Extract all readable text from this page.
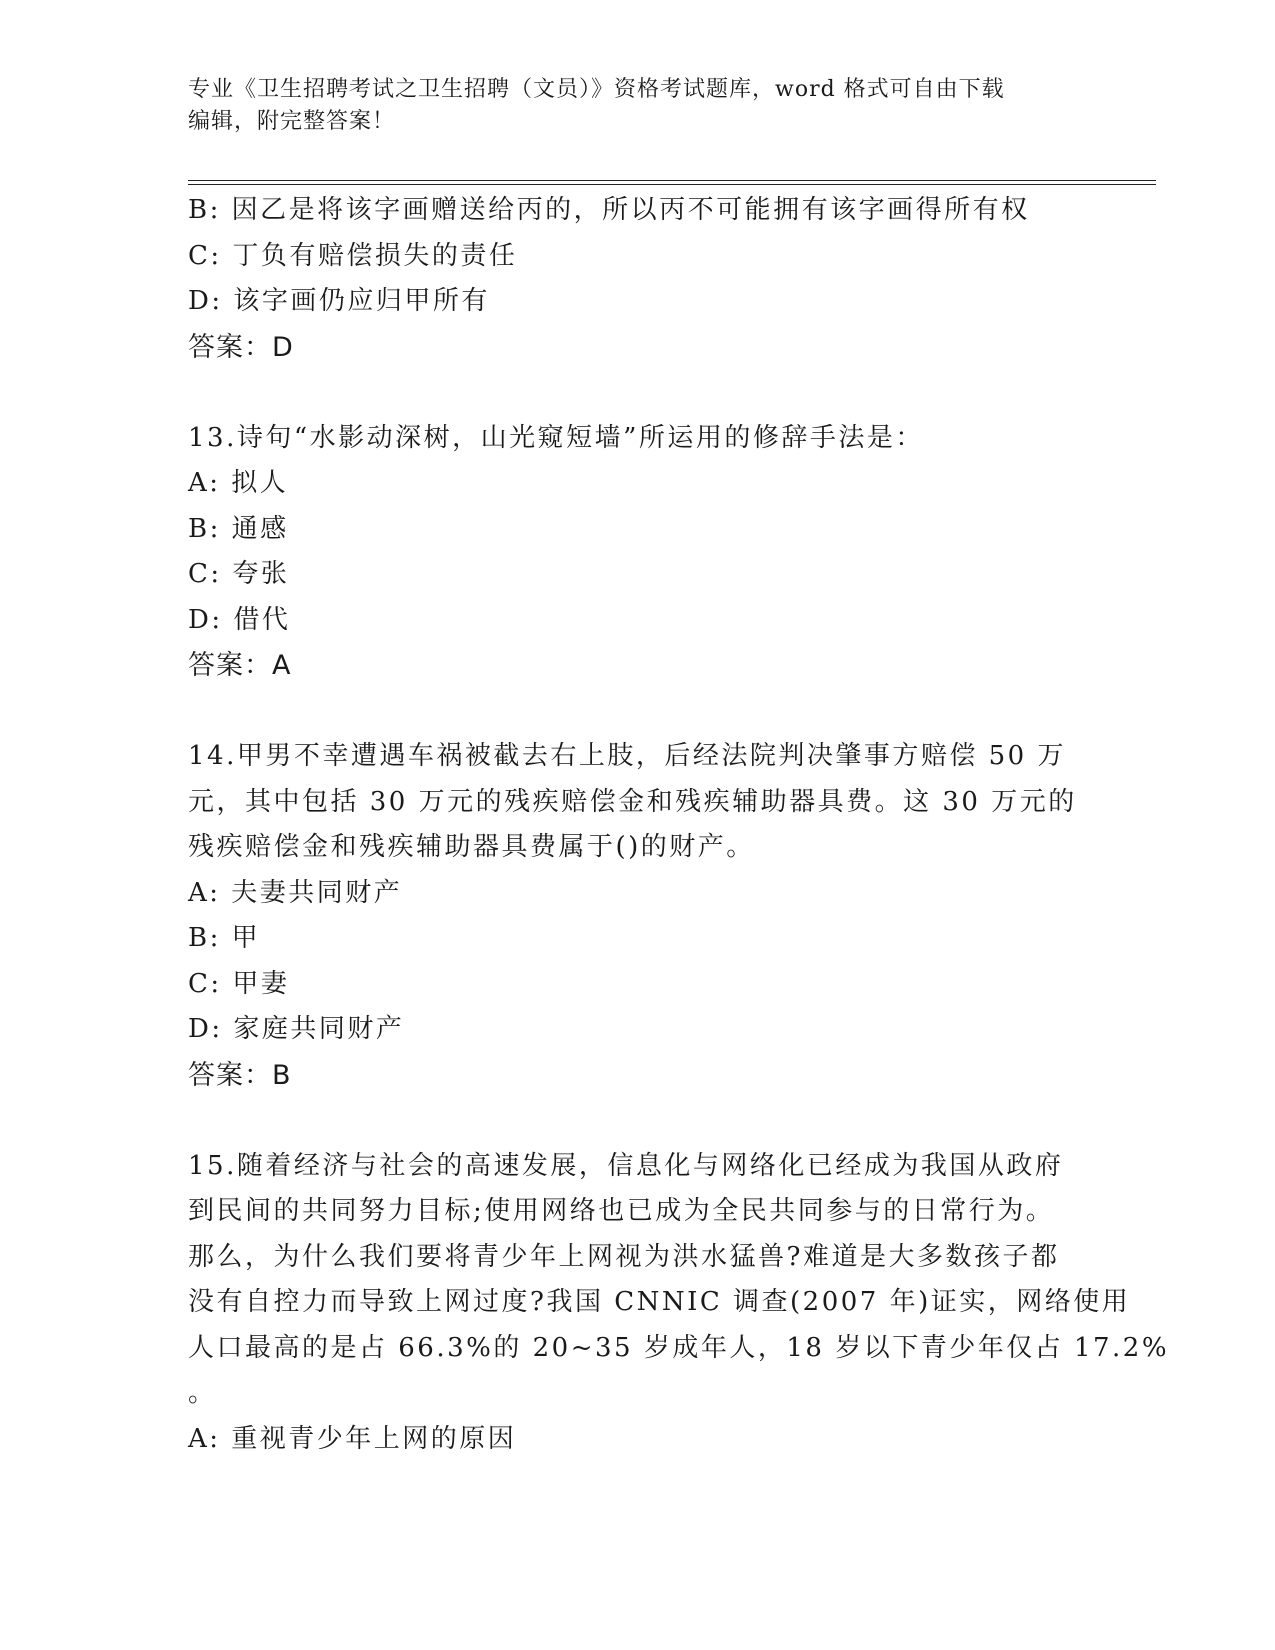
专业《卫生招聘考试之卫生招聘（文员）》资格考试题库，word 格式可自由下载
编辑，附完整答案！
B: 因乙是将该字画赠送给丙的，所以丙不可能拥有该字画得所有权
C: 丁负有赔偿损失的责任
D: 该字画仍应归甲所有
答案：D
13.诗句“水影动深树，山光窥短墙”所运用的修辞手法是：
A: 拟人
B: 通感
C: 夸张
D: 借代
答案：A
14.甲男不幸遭遇车祸被截去右上肢，后经法院判决肇事方赔偿 50 万
元，其中包括 30 万元的残疾赔偿金和残疾辅助器具费。这 30 万元的
残疾赔偿金和残疾辅助器具费属于()的财产。
A: 夫妻共同财产
B: 甲
C: 甲妻
D: 家庭共同财产
答案：B
15.随着经济与社会的高速发展，信息化与网络化已经成为我国从政府
到民间的共同努力目标;使用网络也已成为全民共同参与的日常行为。
那么，为什么我们要将青少年上网视为洪水猛兽?难道是大多数孩子都
没有自控力而导致上网过度?我国 CNNIC 调查(2007 年)证实，网络使用
人口最高的是占 66.3%的 20~35 岁成年人，18 岁以下青少年仅占 17.2%
。
A: 重视青少年上网的原因
